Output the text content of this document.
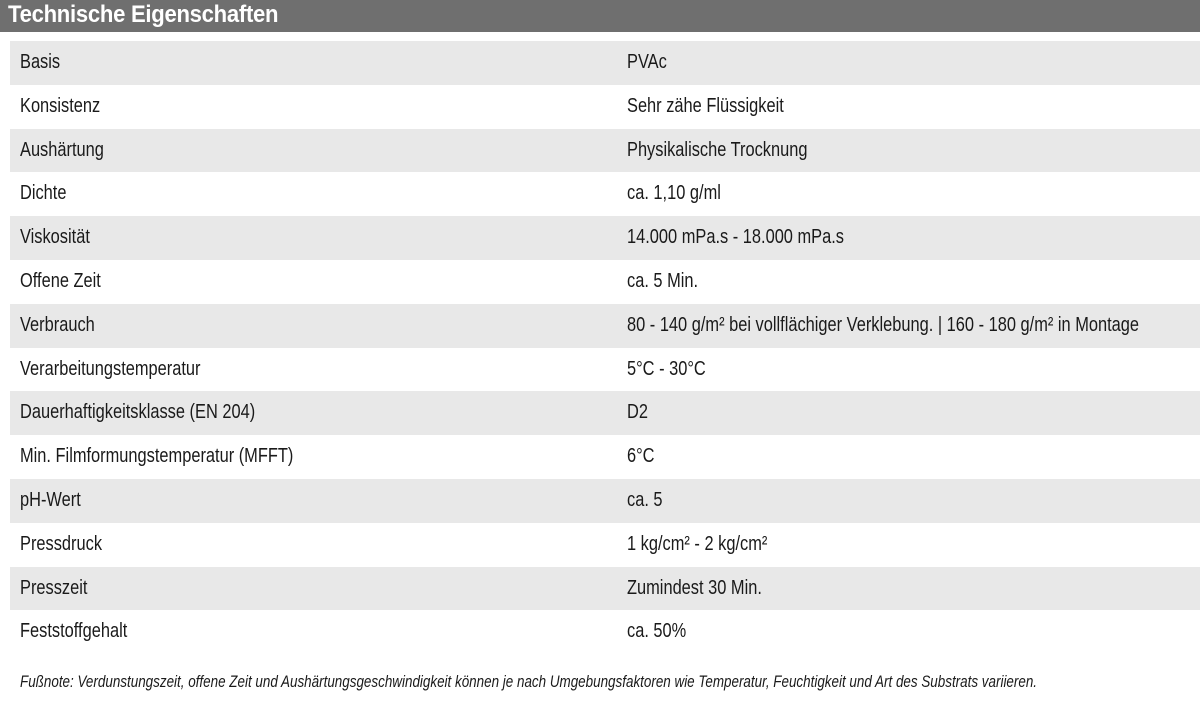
Technische Eigenschaften
Basis	PVAc
Konsistenz	Sehr zähe Flüssigkeit
Aushärtung	Physikalische Trocknung
Dichte	ca. 1,10 g/ml
Viskosität	14.000 mPa.s - 18.000 mPa.s
Offene Zeit	ca. 5 Min.
Verbrauch	80 - 140 g/m² bei vollflächiger Verklebung. | 160 - 180 g/m² in Montage
Verarbeitungstemperatur	5°C - 30°C
Dauerhaftigkeitsklasse (EN 204)	D2
Min. Filmformungstemperatur (MFFT)	6°C
pH-Wert	ca. 5
Pressdruck	1 kg/cm² - 2 kg/cm²
Presszeit	Zumindest 30 Min.
Feststoffgehalt	ca. 50%
Fußnote: Verdunstungszeit, offene Zeit und Aushärtungsgeschwindigkeit können je nach Umgebungsfaktoren wie Temperatur, Feuchtigkeit und Art des Substrats variieren.
